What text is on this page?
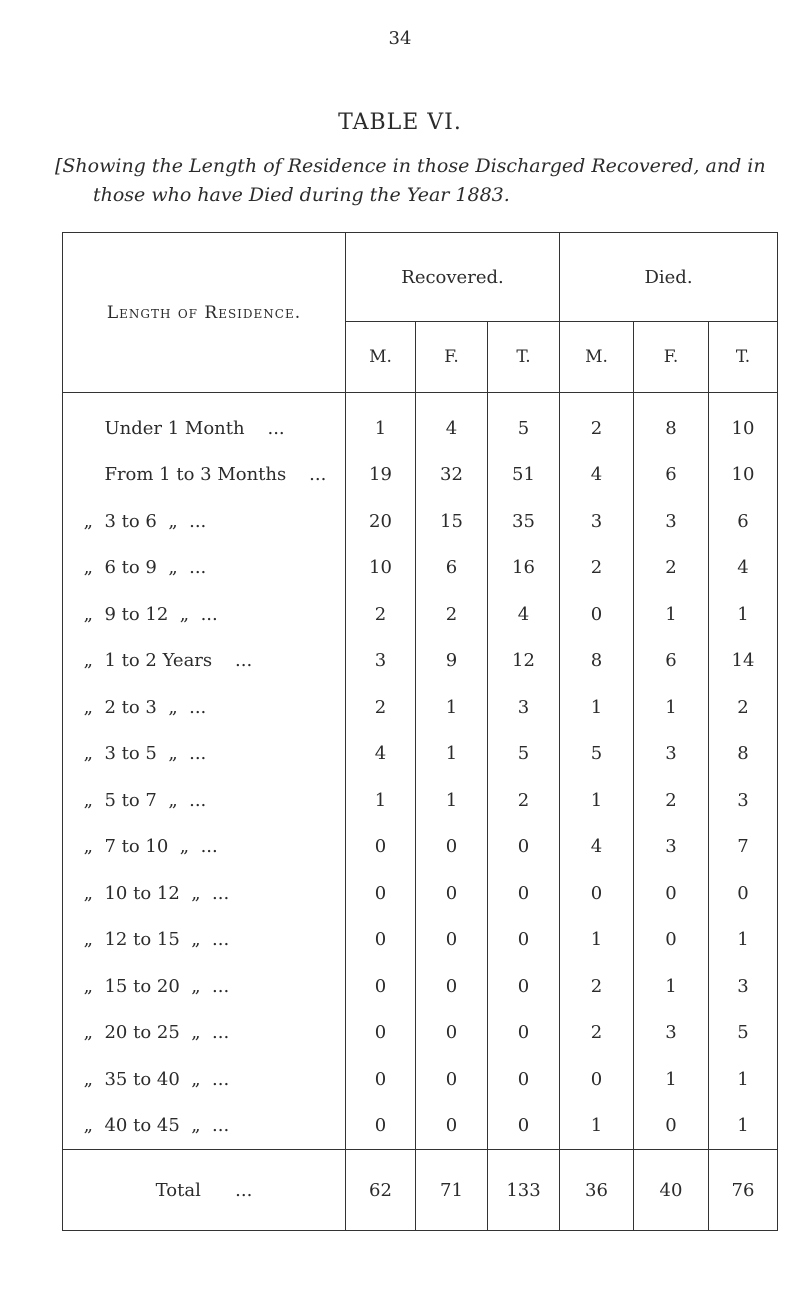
34
TABLE VI.
[Showing the Length of Residence in those Discharged Recovered, and in
those who have Died during the Year 1883.
Length of Residence.	Recovered.			Died.		
	M.	F.	T.	M.	F.	T.
Under 1 Month ...	1	4	5	2	8	10
From 1 to 3 Months ...	19	32	51	4	6	10
„ 3 to 6 „ ...	20	15	35	3	3	6
„ 6 to 9 „ ...	10	6	16	2	2	4
„ 9 to 12 „ ...	2	2	4	0	1	1
„ 1 to 2 Years ...	3	9	12	8	6	14
„ 2 to 3 „ ...	2	1	3	1	1	2
„ 3 to 5 „ ...	4	1	5	5	3	8
„ 5 to 7 „ ...	1	1	2	1	2	3
„ 7 to 10 „ ...	0	0	0	4	3	7
„ 10 to 12 „ ...	0	0	0	0	0	0
„ 12 to 15 „ ...	0	0	0	1	0	1
„ 15 to 20 „ ...	0	0	0	2	1	3
„ 20 to 25 „ ...	0	0	0	2	3	5
„ 35 to 40 „ ...	0	0	0	0	1	1
„ 40 to 45 „ ...	0	0	0	1	0	1
Total ...	62	71	133	36	40	76
